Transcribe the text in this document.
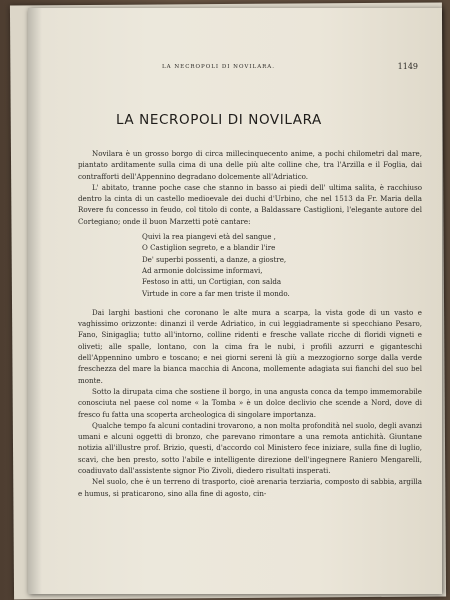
LA NECROPOLI DI NOVILARA.	1149
LA NECROPOLI DI NOVILARA

Novilara è un grosso borgo di circa millecinquecento anime, a pochi chilometri dal mare, piantato arditamente sulla cima di una delle più alte colline che, tra l'Arzilla e il Foglia, dai contrafforti dell'Appennino degradano dolcemente all'Adriatico.

L' abitato, tranne poche case che stanno in basso ai piedi dell' ultima salita, è racchiuso dentro la cinta di un castello medioevale dei duchi d'Urbino, che nel 1513 da Fr. Maria della Rovere fu concesso in feudo, col titolo di conte, a Baldassare Castiglioni, l'elegante autore del Cortegiano; onde il buon Marzetti potè cantare:

Quivi la rea piangevi età del sangue ,
O Castiglion segreto, e a blandir l'ire
De' superbi possenti, a danze, a giostre,
Ad armonie dolcissime informavi,
Festoso in atti, un Cortigian, con salda
Virtude in core a far men triste il mondo.

Dai larghi bastioni che coronano le alte mura a scarpa, la vista gode di un vasto e vaghissimo orizzonte: dinanzi il verde Adriatico, in cui leggiadramente si specchiano Pesaro, Fano, Sinigaglia; tutto all'intorno, colline ridenti e fresche vallate ricche di floridi vigneti e oliveti; alle spalle, lontano, con la cima fra le nubi, i profili azzurri e giganteschi dell'Appennino umbro e toscano; e nei giorni sereni là giù a mezzogiorno sorge dalla verde freschezza del mare la bianca macchia di Ancona, mollemente adagiata sui fianchi del suo bel monte.

Sotto la dirupata cima che sostiene il borgo, in una angusta conca da tempo immemorabile conosciuta nel paese col nome « la Tomba » è un dolce declivio che scende a Nord, dove di fresco fu fatta una scoperta archeologica di singolare importanza.

Qualche tempo fa alcuni contadini trovarono, a non molta profondità nel suolo, degli avanzi umani e alcuni oggetti di bronzo, che parevano rimontare a una remota antichità. Giuntane notizia all'illustre prof. Brizio, questi, d'accordo col Ministero fece iniziare, sulla fine di luglio, scavi, che ben presto, sotto l'abile e intelligente direzione dell'ingegnere Raniero Mengarelli, coadiuvato dall'assistente signor Pio Zivoli, diedero risultati insperati.

Nel suolo, che è un terreno di trasporto, cioè arenaria terziaria, composto di sabbia, argilla e humus, si praticarono, sino alla fine di agosto, cin-
